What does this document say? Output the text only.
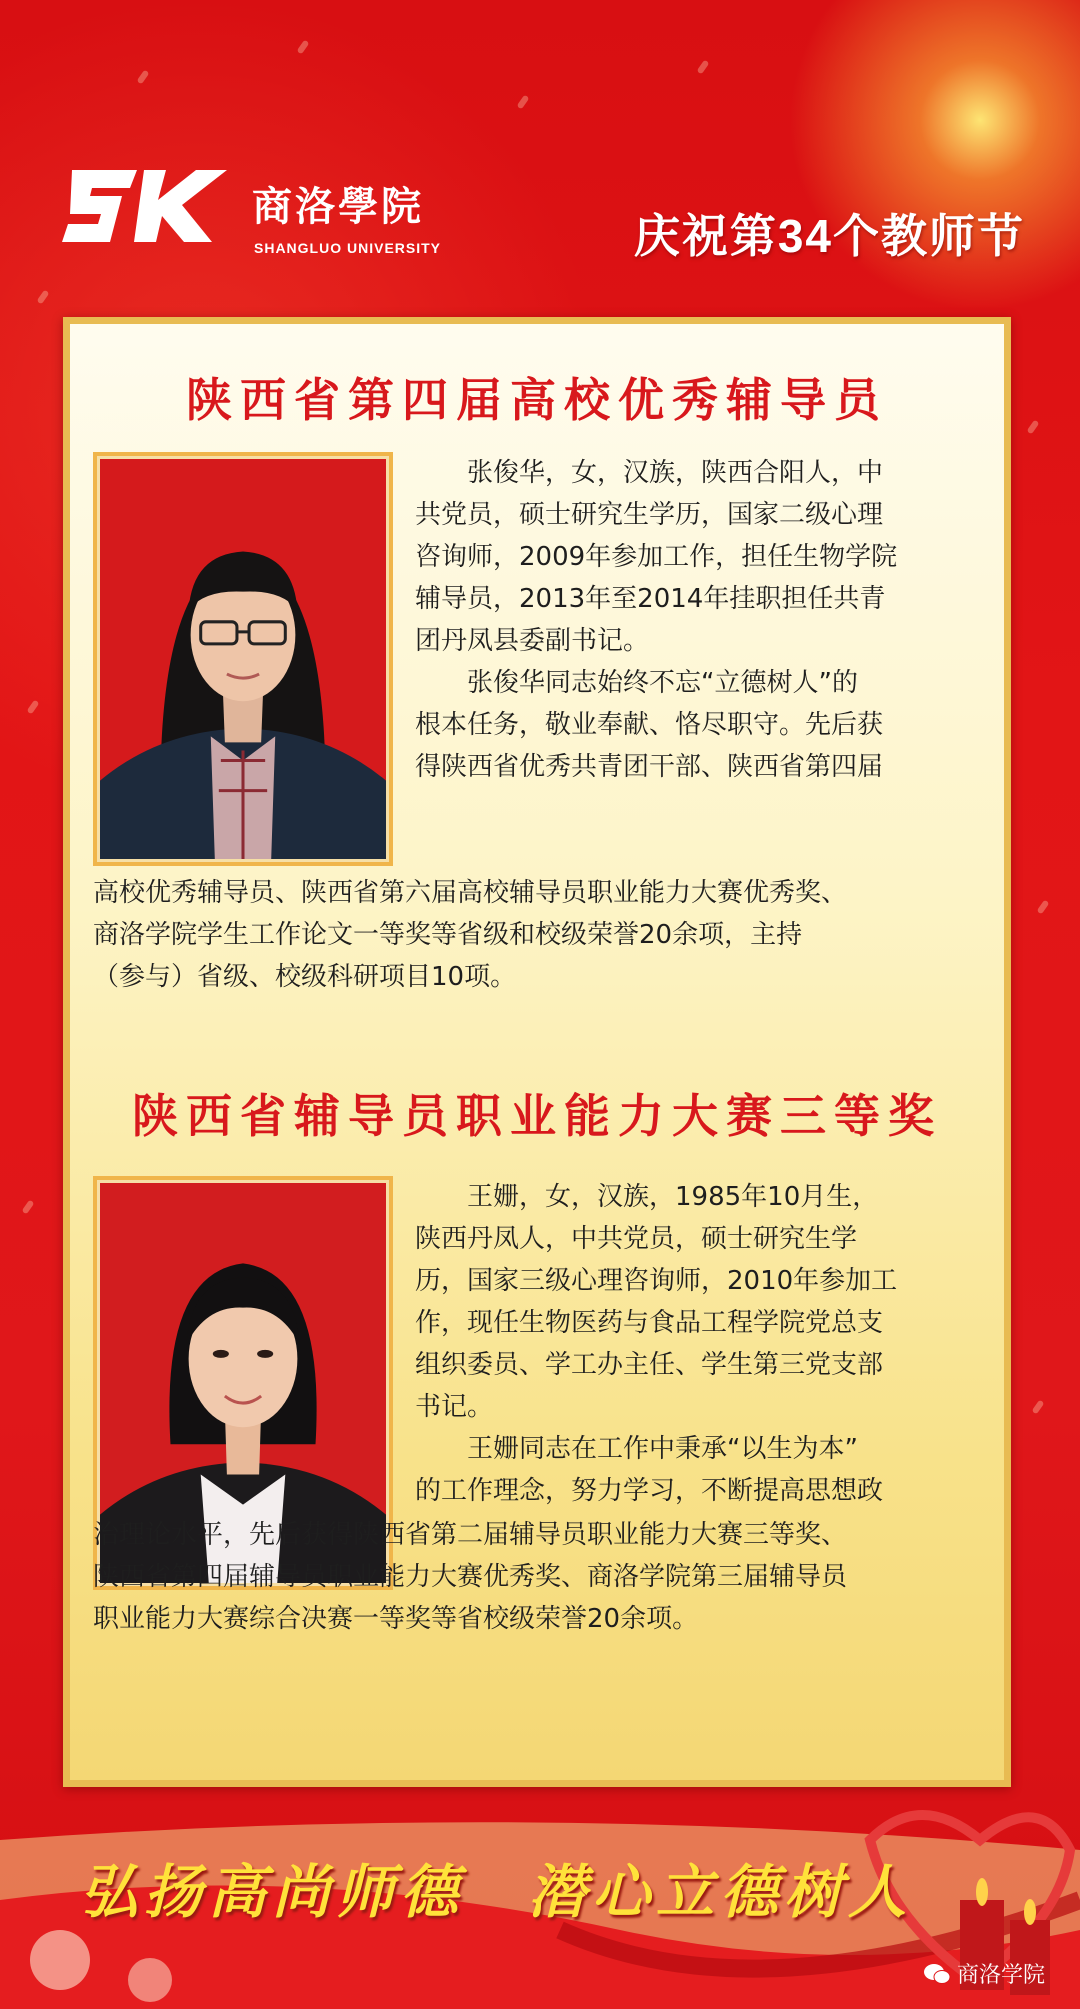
商洛學院
SHANGLUO UNIVERSITY	庆祝第34个教师节
陕西省第四届高校优秀辅导员

　　张俊华，女，汉族，陕西合阳人，中

共党员，硕士研究生学历，国家二级心理

咨询师，2009年参加工作，担任生物学院

辅导员，2013年至2014年挂职担任共青

团丹凤县委副书记。

　　张俊华同志始终不忘“立德树人”的

根本任务，敬业奉献、恪尽职守。先后获

得陕西省优秀共青团干部、陕西省第四届

高校优秀辅导员、陕西省第六届高校辅导员职业能力大赛优秀奖、

商洛学院学生工作论文一等奖等省级和校级荣誉20余项，主持

（参与）省级、校级科研项目10项。

陕西省辅导员职业能力大赛三等奖

　　王姗，女，汉族，1985年10月生，

陕西丹凤人，中共党员，硕士研究生学

历，国家三级心理咨询师，2010年参加工

作，现任生物医药与食品工程学院党总支

组织委员、学工办主任、学生第三党支部

书记。

　　王姗同志在工作中秉承“以生为本”

的工作理念，努力学习，不断提高思想政

治理论水平，先后获得陕西省第二届辅导员职业能力大赛三等奖、

陕西省第四届辅导员职业能力大赛优秀奖、商洛学院第三届辅导员

职业能力大赛综合决赛一等奖等省校级荣誉20余项。

弘扬高尚师德　潜心立德树人
商洛学院
